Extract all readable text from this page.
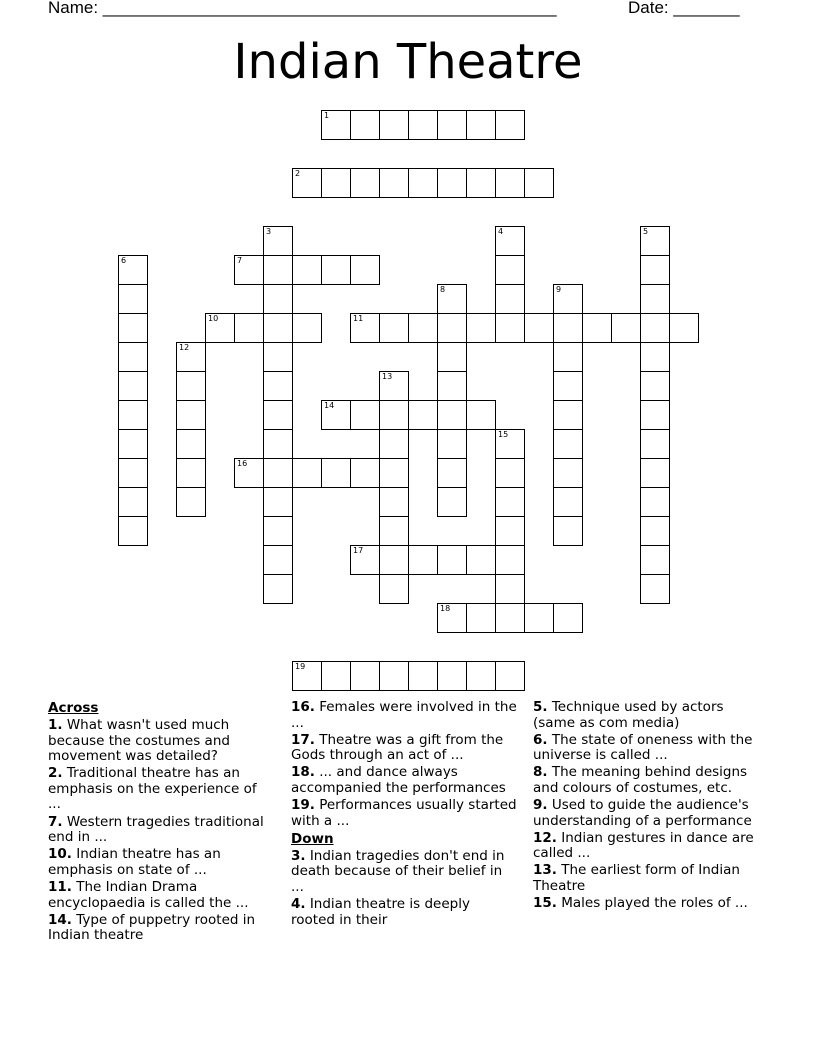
Name: ________________________________________________	Date: _______
Indian Theatre
1
2
3	4	5
6	7
8	9
10	11
12
13
14
15
16
17
18
19
Across
1. What wasn't used much because the costumes and movement was detailed?
2. Traditional theatre has an emphasis on the experience of ...
7. Western tragedies traditional end in ...
10. Indian theatre has an emphasis on state of ...
11. The Indian Drama encyclopaedia is called the ...
14. Type of puppetry rooted in Indian theatre
16. Females were involved in the ...
17. Theatre was a gift from the Gods through an act of ...
18. ... and dance always accompanied the performances
19. Performances usually started with a ...
Down
3. Indian tragedies don't end in death because of their belief in ...
4. Indian theatre is deeply rooted in their
5. Technique used by actors (same as com media)
6. The state of oneness with the universe is called ...
8. The meaning behind designs and colours of costumes, etc.
9. Used to guide the audience's understanding of a performance
12. Indian gestures in dance are called ...
13. The earliest form of Indian Theatre
15. Males played the roles of ...
